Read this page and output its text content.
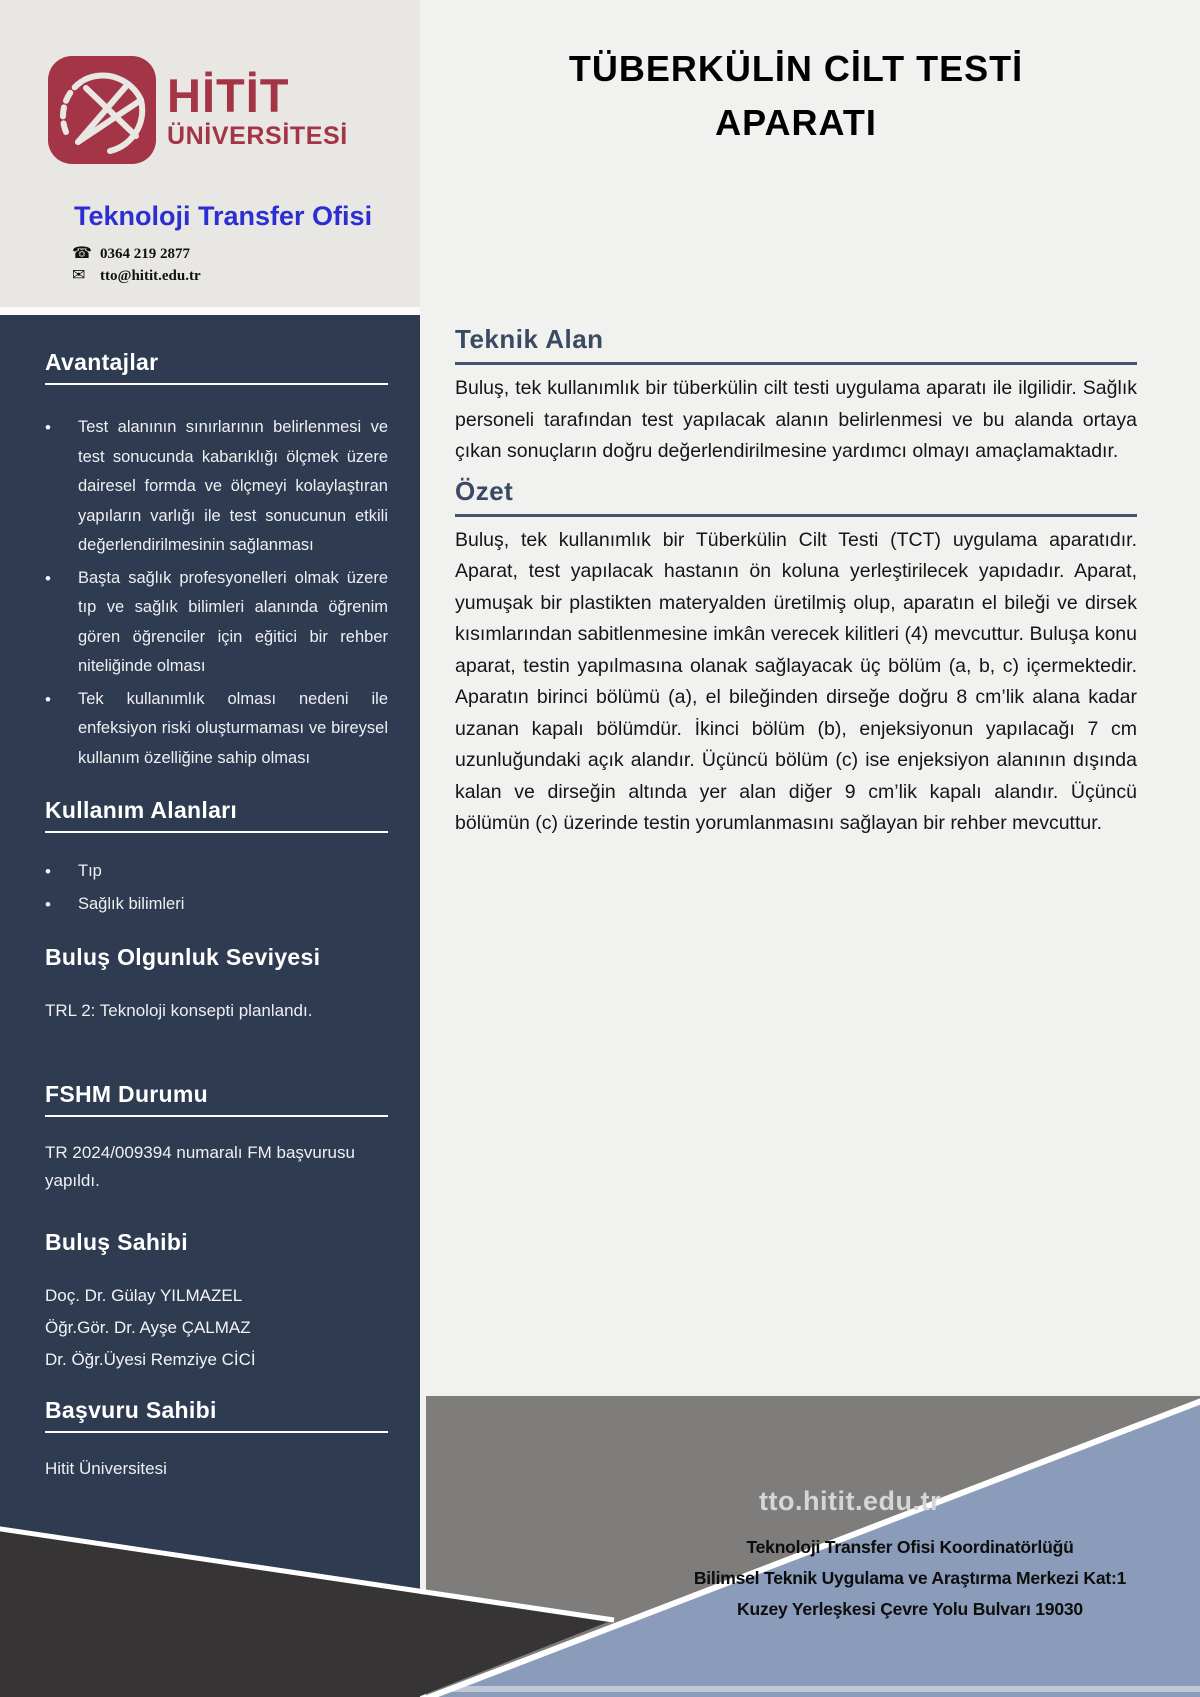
HİTİT
ÜNİVERSİTESİ
Teknoloji Transfer Ofisi
☎ 0364 219 2877
✉ tto@hitit.edu.tr
Avantajlar
•	Test alanının sınırlarının belirlenmesi ve test sonucunda kabarıklığı ölçmek üzere dairesel formda ve ölçmeyi kolaylaştıran yapıların varlığı ile test sonucunun etkili değerlendirilmesinin sağlanması
•	Başta sağlık profesyonelleri olmak üzere tıp ve sağlık bilimleri alanında öğrenim gören öğrenciler için eğitici bir rehber niteliğinde olması
•	Tek kullanımlık olması nedeni ile enfeksiyon riski oluşturmaması ve bireysel kullanım özelliğine sahip olması
Kullanım Alanları
•	Tıp
•	Sağlık bilimleri
Buluş Olgunluk Seviyesi
TRL 2: Teknoloji konsepti planlandı.
FSHM Durumu
TR 2024/009394 numaralı FM başvurusu yapıldı.
Buluş Sahibi
Doç. Dr. Gülay YILMAZEL
Öğr.Gör. Dr. Ayşe ÇALMAZ
Dr. Öğr.Üyesi Remziye CİCİ
Başvuru Sahibi
Hitit Üniversitesi
TÜBERKÜLİN CİLT TESTİ
APARATI
Teknik Alan

Buluş, tek kullanımlık bir tüberkülin cilt testi uygulama aparatı ile ilgilidir. Sağlık personeli tarafından test yapılacak alanın belirlenmesi ve bu alanda ortaya çıkan sonuçların doğru değerlendirilmesine yardımcı olmayı amaçlamaktadır.

Özet

Buluş, tek kullanımlık bir Tüberkülin Cilt Testi (TCT) uygulama aparatıdır. Aparat, test yapılacak hastanın ön koluna yerleştirilecek yapıdadır. Aparat, yumuşak bir plastikten materyalden üretilmiş olup, aparatın el bileği ve dirsek kısımlarından sabitlenmesine imkân verecek kilitleri (4) mevcuttur. Buluşa konu aparat, testin yapılmasına olanak sağlayacak üç bölüm (a, b, c) içermektedir. Aparatın birinci bölümü (a), el bileğinden dirseğe doğru 8 cm’lik alana kadar uzanan kapalı bölümdür. İkinci bölüm (b), enjeksiyonun yapılacağı 7 cm uzunluğundaki açık alandır. Üçüncü bölüm (c) ise enjeksiyon alanının dışında kalan ve dirseğin altında yer alan diğer 9 cm’lik kapalı alandır. Üçüncü bölümün (c) üzerinde testin yorumlanmasını sağlayan bir rehber mevcuttur.

tto.hitit.edu.tr
Teknoloji Transfer Ofisi Koordinatörlüğü
Bilimsel Teknik Uygulama ve Araştırma Merkezi Kat:1
Kuzey Yerleşkesi Çevre Yolu Bulvarı 19030
